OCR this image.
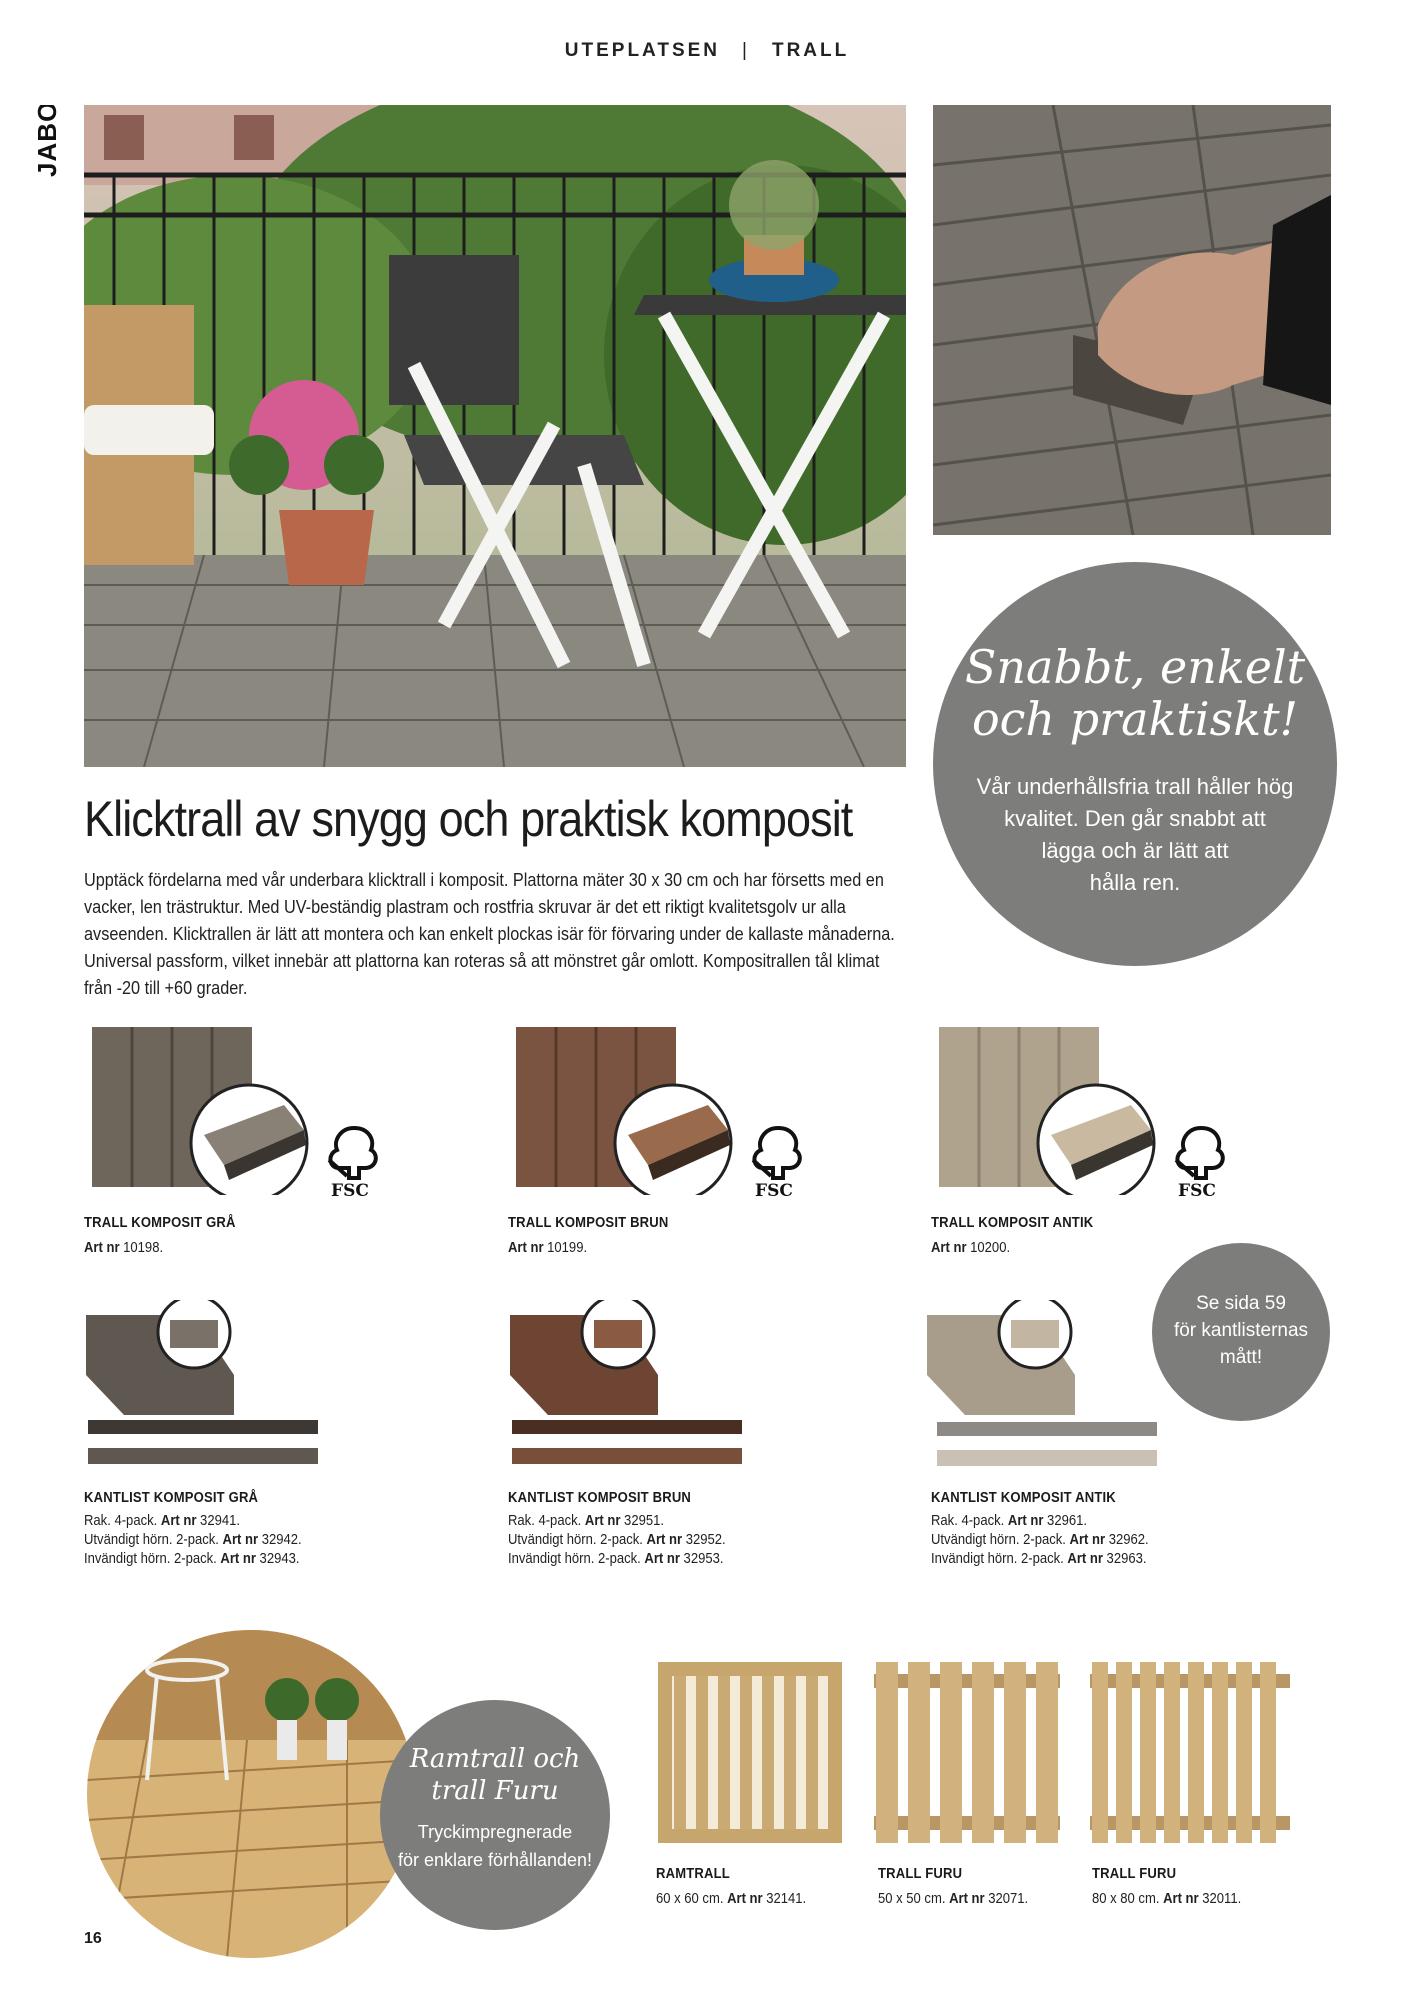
UTEPLATSEN | TRALL
JABO
Klicktrall av snygg och praktisk komposit
Upptäck fördelarna med vår underbara klicktrall i komposit. Plattorna mäter 30 x 30 cm och har försetts med en vacker, len trästruktur. Med UV-beständig plastram och rostfria skruvar är det ett riktigt kvalitetsgolv ur alla avseenden. Klicktrallen är lätt att montera och kan enkelt plockas isär för förvaring under de kallaste månaderna. Universal passform, vilket innebär att plattorna kan roteras så att mönstret går omlott. Kompositrallen tål klimat från -20 till +60 grader.
Snabbt, enkelt
och praktiskt!
Vår underhållsfria trall håller hög
kvalitet. Den går snabbt att
lägga och är lätt att
hålla ren.
FSC
TRALL KOMPOSIT GRÅ
Art nr 10198.
FSC
TRALL KOMPOSIT BRUN
Art nr 10199.
FSC
TRALL KOMPOSIT ANTIK
Art nr 10200.
Se sida 59
för kantlisternas
mått!
KANTLIST KOMPOSIT GRÅ
Rak. 4-pack. Art nr 32941.
Utvändigt hörn. 2-pack. Art nr 32942.
Invändigt hörn. 2-pack. Art nr 32943.
KANTLIST KOMPOSIT BRUN
Rak. 4-pack. Art nr 32951.
Utvändigt hörn. 2-pack. Art nr 32952.
Invändigt hörn. 2-pack. Art nr 32953.
KANTLIST KOMPOSIT ANTIK
Rak. 4-pack. Art nr 32961.
Utvändigt hörn. 2-pack. Art nr 32962.
Invändigt hörn. 2-pack. Art nr 32963.
Ramtrall och
trall Furu
Tryckimpregnerade
för enklare förhållanden!
RAMTRALL
60 x 60 cm. Art nr 32141.
TRALL FURU
50 x 50 cm. Art nr 32071.
TRALL FURU
80 x 80 cm. Art nr 32011.
16
